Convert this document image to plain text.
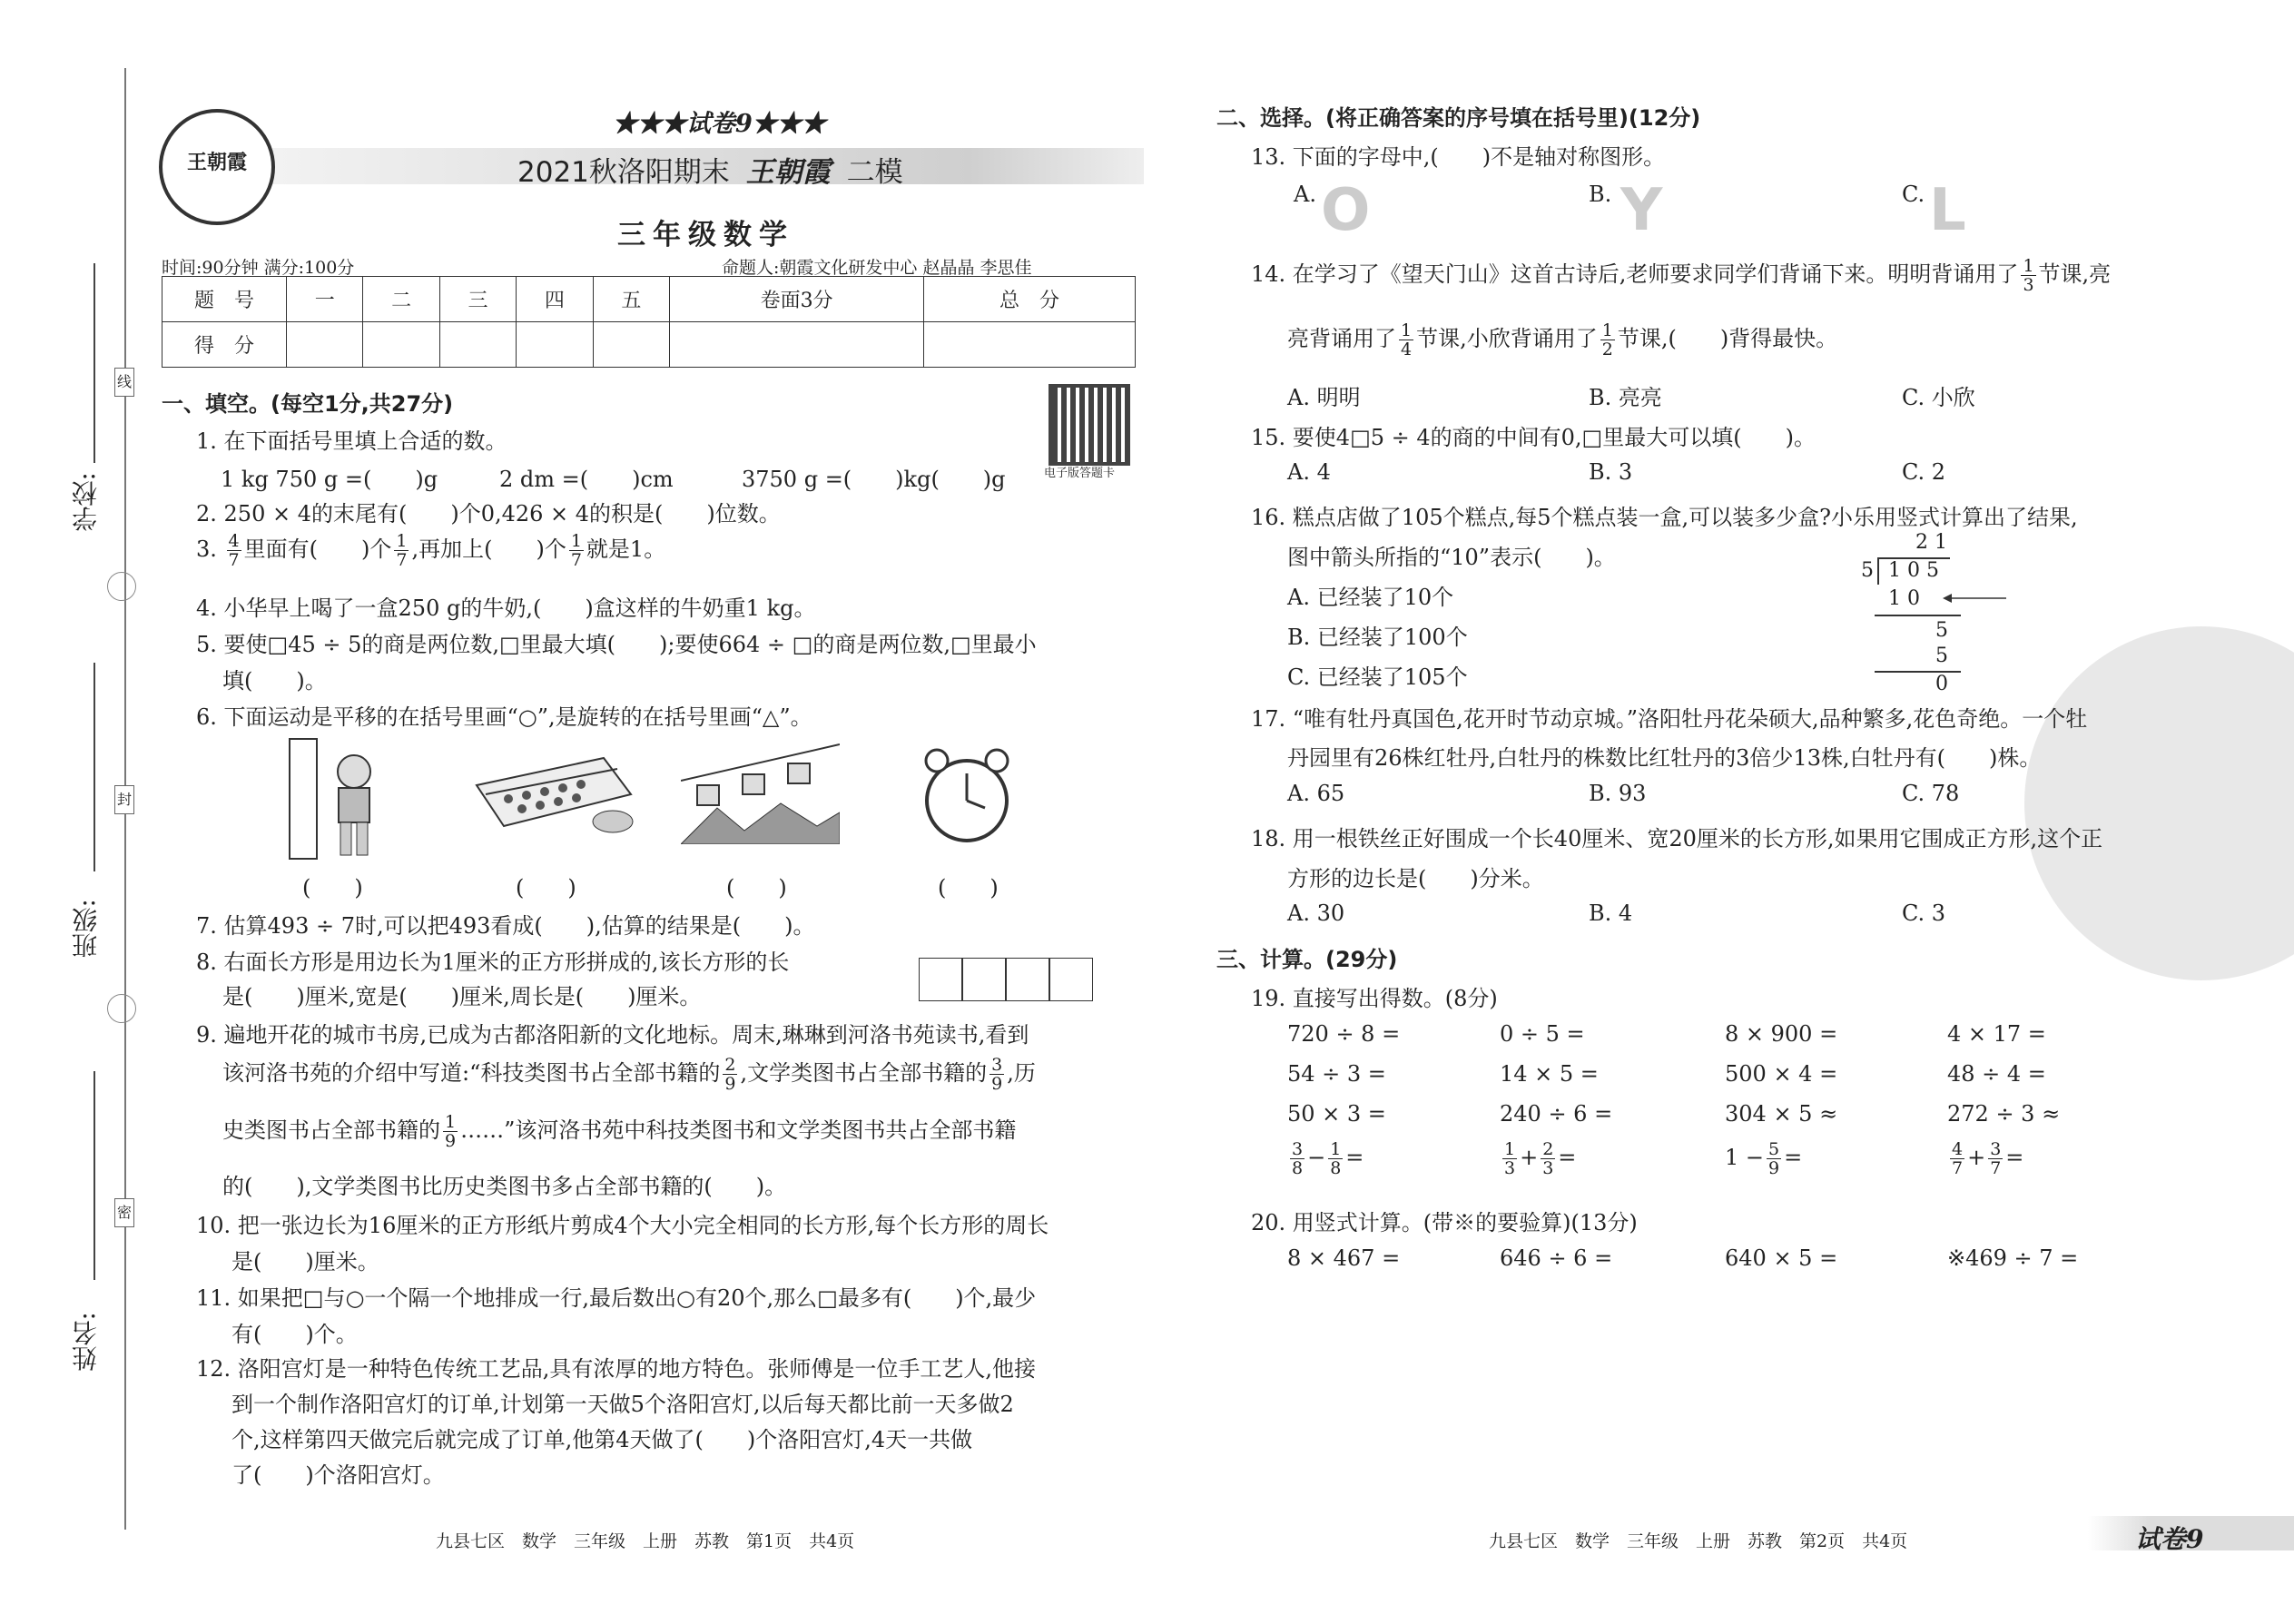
学校:
班级:
姓名:
线
封
密
王朝霞
★★★试卷9★★★
2021秋洛阳期末 王朝霞 二模
三年级数学
时间:90分钟 满分:100分	命题人:朝霞文化研发中心 赵晶晶 李思佳
题　号	一	二	三	四	五	卷面3分	总　分
得　分							
电子版答题卡
一、填空。(每空1分,共27分)
1. 在下面括号里填上合适的数。
1 kg 750 g =(　　)g	2 dm =(　　)cm	3750 g =(　　)kg(　　)g
2. 250 × 4的末尾有(　　)个0,426 × 4的积是(　　)位数。
3. $\frac{4}{7}$ 里面有(　　)个 $\frac{1}{7}$ ,再加上(　　)个 $\frac{1}{7}$ 就是1。
4. 小华早上喝了一盒250 g的牛奶,(　　)盒这样的牛奶重1 kg。
5. 要使□45 ÷ 5的商是两位数,□里最大填(　　);要使664 ÷ □的商是两位数,□里最小
填(　　)。
6. 下面运动是平移的在括号里画“○”,是旋转的在括号里画“△”。
(　　)	(　　)	(　　)	(　　)
7. 估算493 ÷ 7时,可以把493看成(　　),估算的结果是(　　)。
8. 右面长方形是用边长为1厘米的正方形拼成的,该长方形的长
是(　　)厘米,宽是(　　)厘米,周长是(　　)厘米。
9. 遍地开花的城市书房,已成为古都洛阳新的文化地标。周末,琳琳到河洛书苑读书,看到
该河洛书苑的介绍中写道:“科技类图书占全部书籍的 $\frac{2}{9}$ ,文学类图书占全部书籍的 $\frac{3}{9}$ ,历
史类图书占全部书籍的 $\frac{1}{9}$ ……”该河洛书苑中科技类图书和文学类图书共占全部书籍
的(　　),文学类图书比历史类图书多占全部书籍的(　　)。
10. 把一张边长为16厘米的正方形纸片剪成4个大小完全相同的长方形,每个长方形的周长
是(　　)厘米。
11. 如果把□与○一个隔一个地排成一行,最后数出○有20个,那么□最多有(　　)个,最少
有(　　)个。
12. 洛阳宫灯是一种特色传统工艺品,具有浓厚的地方特色。张师傅是一位手工艺人,他接
到一个制作洛阳宫灯的订单,计划第一天做5个洛阳宫灯,以后每天都比前一天多做2
个,这样第四天做完后就完成了订单,他第4天做了(　　)个洛阳宫灯,4天一共做
了(　　)个洛阳宫灯。
九县七区　数学　三年级　上册　苏教　第1页　共4页
二、选择。(将正确答案的序号填在括号里)(12分)
13. 下面的字母中,(　　)不是轴对称图形。
A. O	B. Y	C. L
14. 在学习了《望天门山》这首古诗后,老师要求同学们背诵下来。明明背诵用了 $\frac{1}{3}$ 节课,亮
亮背诵用了 $\frac{1}{4}$ 节课,小欣背诵用了 $\frac{1}{2}$ 节课,(　　)背得最快。
A. 明明	B. 亮亮	C. 小欣
15. 要使4□5 ÷ 4的商的中间有0,□里最大可以填(　　)。
A. 4	B. 3	C. 2
16. 糕点店做了105个糕点,每5个糕点装一盒,可以装多少盒?小乐用竖式计算出了结果,
图中箭头所指的“10”表示(　　)。
A. 已经装了10个
B. 已经装了100个
C. 已经装了105个
2 1
5 1 0 5
1 0
5
5
0
17. “唯有牡丹真国色,花开时节动京城。”洛阳牡丹花朵硕大,品种繁多,花色奇绝。一个牡
丹园里有26株红牡丹,白牡丹的株数比红牡丹的3倍少13株,白牡丹有(　　)株。
A. 65	B. 93	C. 78
18. 用一根铁丝正好围成一个长40厘米、宽20厘米的长方形,如果用它围成正方形,这个正
方形的边长是(　　)分米。
A. 30	B. 4	C. 3
三、计算。(29分)
19. 直接写出得数。(8分)
720 ÷ 8 =	0 ÷ 5 =	8 × 900 =	4 × 17 =
54 ÷ 3 =	14 × 5 =	500 × 4 =	48 ÷ 4 =
50 × 3 =	240 ÷ 6 =	304 × 5 ≈	272 ÷ 3 ≈
$\frac{3}{8} - \frac{1}{8}$ =	$\frac{1}{3} + \frac{2}{3}$ =	$1 - \frac{5}{9}$ =	$\frac{4}{7} + \frac{3}{7}$ =
20. 用竖式计算。(带※的要验算)(13分)
8 × 467 =	646 ÷ 6 =	640 × 5 =	※469 ÷ 7 =
九县七区　数学　三年级　上册　苏教　第2页　共4页	试卷9
